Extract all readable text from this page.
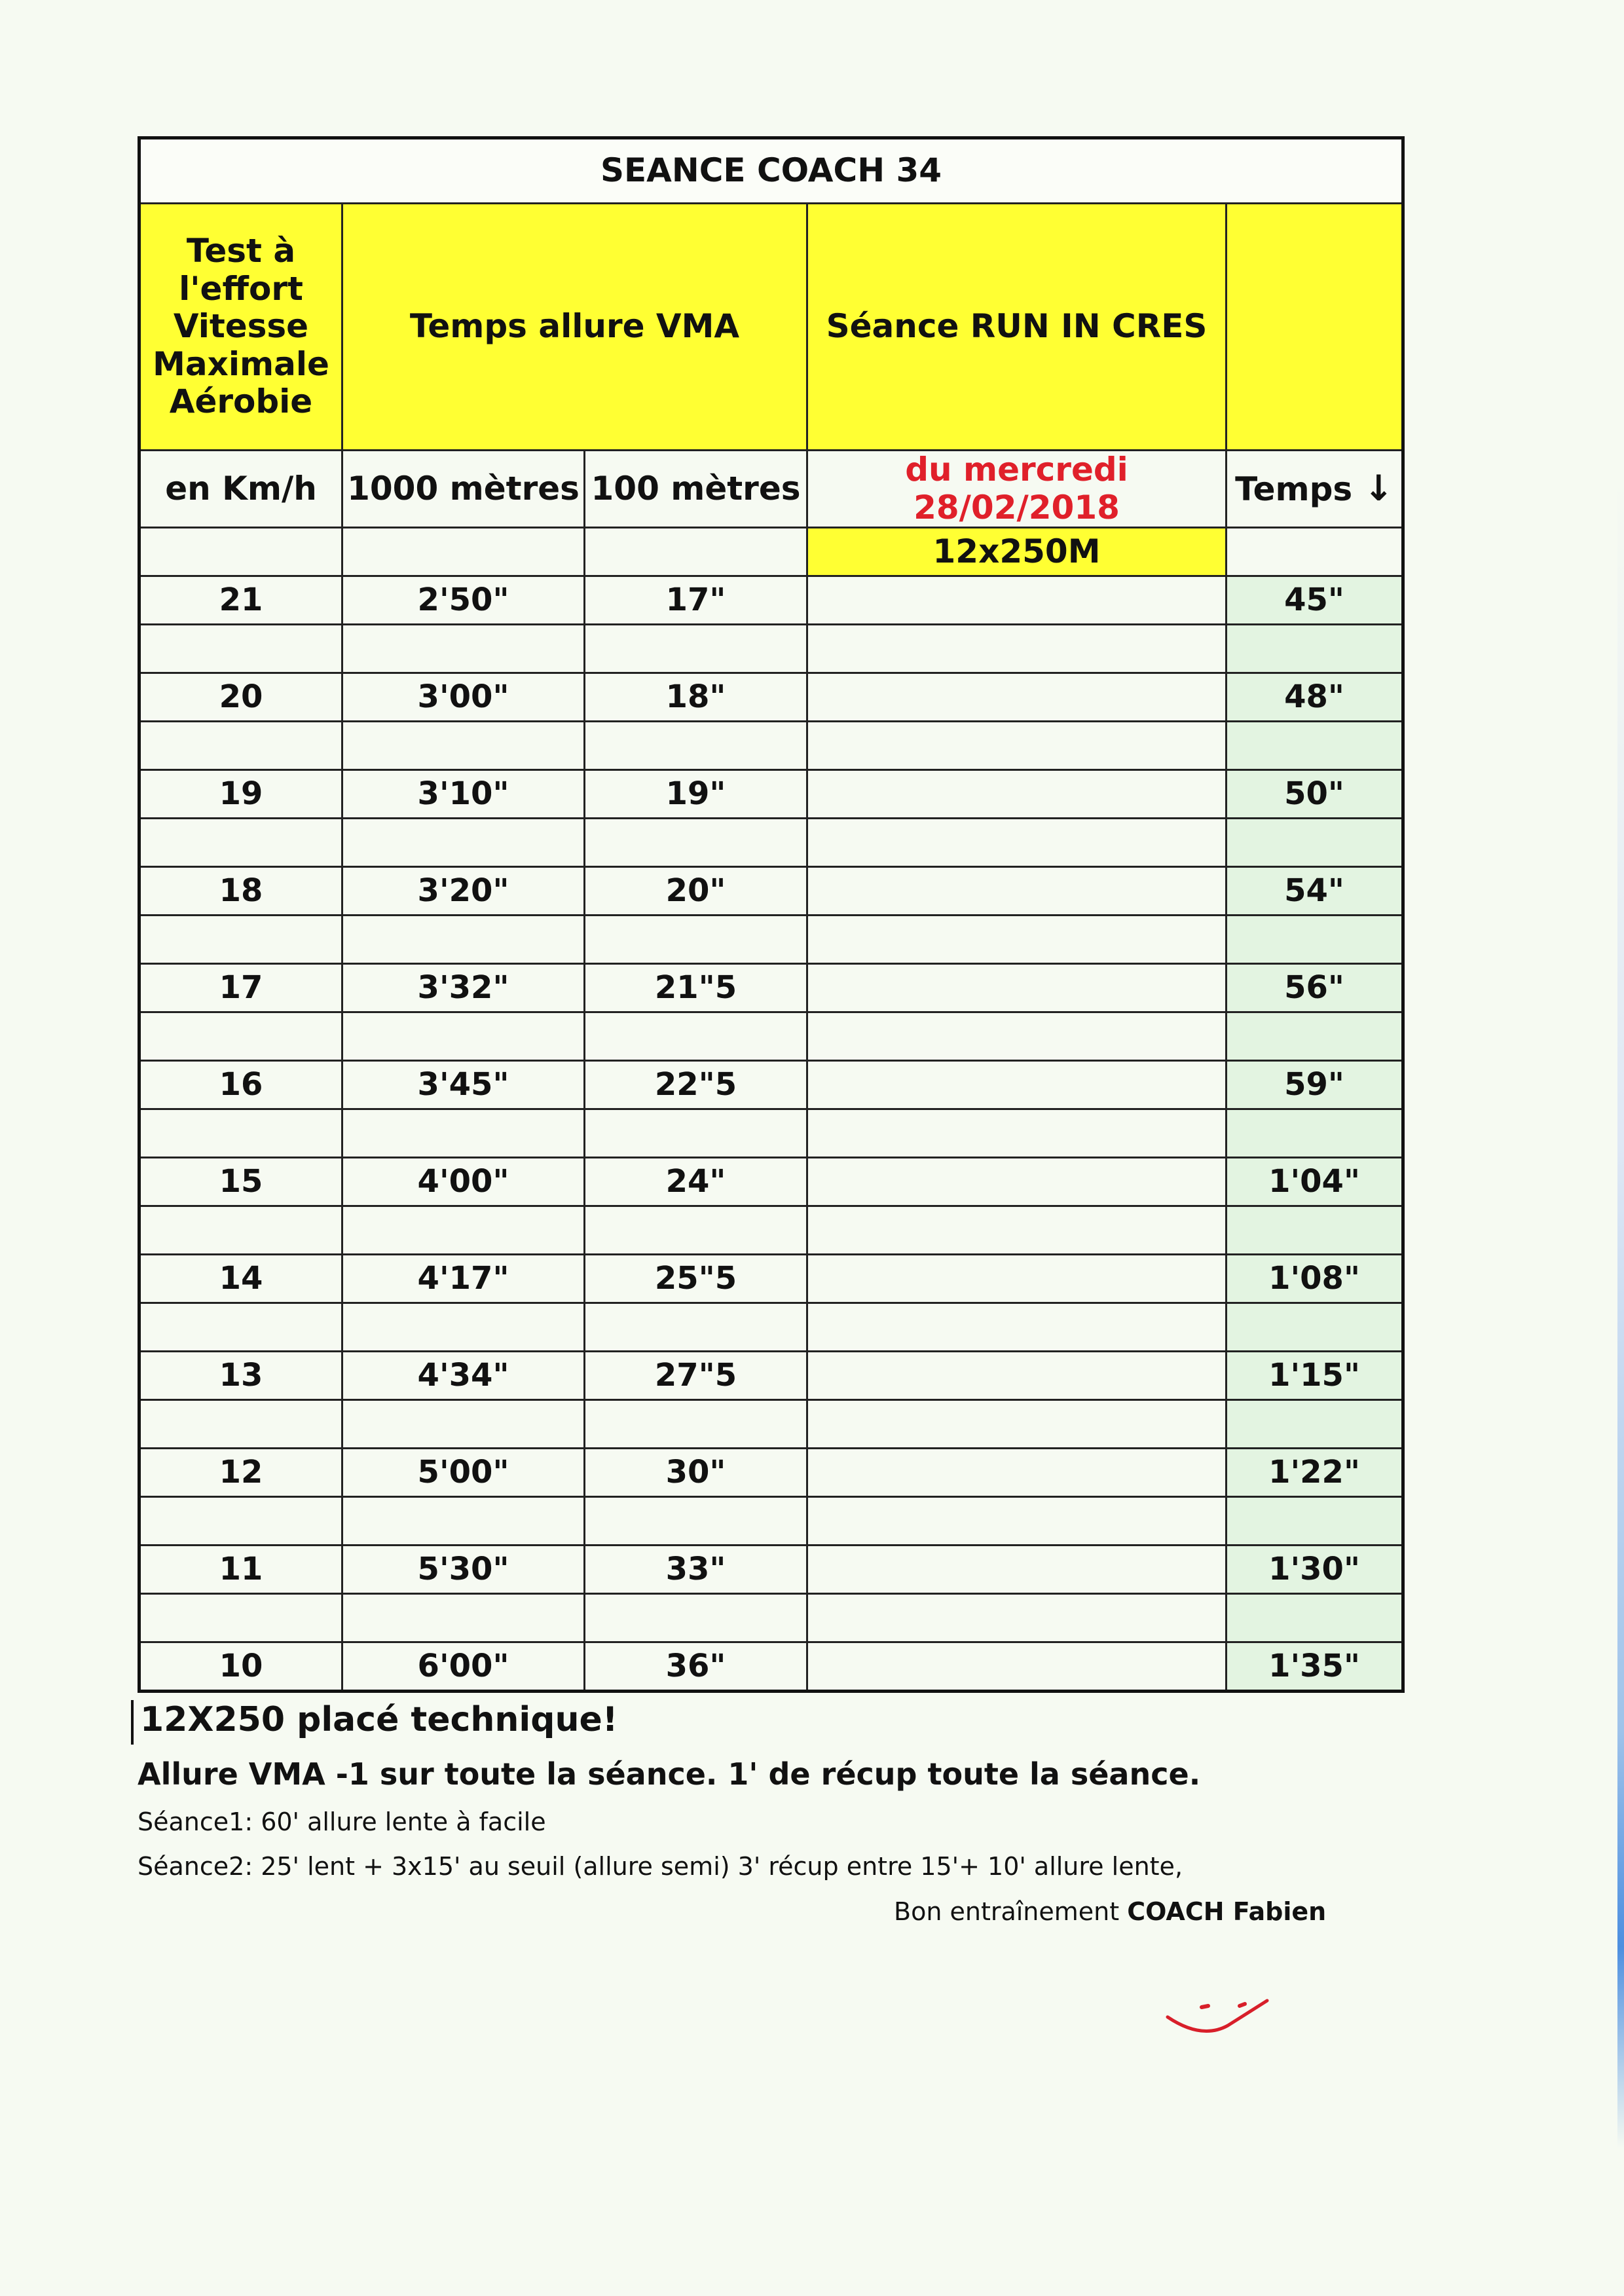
SEANCE COACH 34				

Test à
l'effort
Vitesse
Maximale
Aérobie	Temps allure VMA		Séance RUN IN CRES	
en Km/h	1000 mètres	100 mètres	du mercredi 28/02/2018	Temps ↓
			12x250M	
21	2'50"	17"		45"

20	3'00"	18"		48"

19	3'10"	19"		50"

18	3'20"	20"		54"

17	3'32"	21"5		56"

16	3'45"	22"5		59"

15	4'00"	24"		1'04"

14	4'17"	25"5		1'08"

13	4'34"	27"5		1'15"

12	5'00"	30"		1'22"

11	5'30"	33"		1'30"

10	6'00"	36"		1'35"
12X250 placé technique!
Allure VMA -1 sur toute la séance. 1' de récup toute la séance.
Séance1: 60' allure lente à facile
Séance2: 25' lent + 3x15' au seuil (allure semi) 3' récup entre 15'+ 10' allure lente,
Bon entraînement COACH Fabien
